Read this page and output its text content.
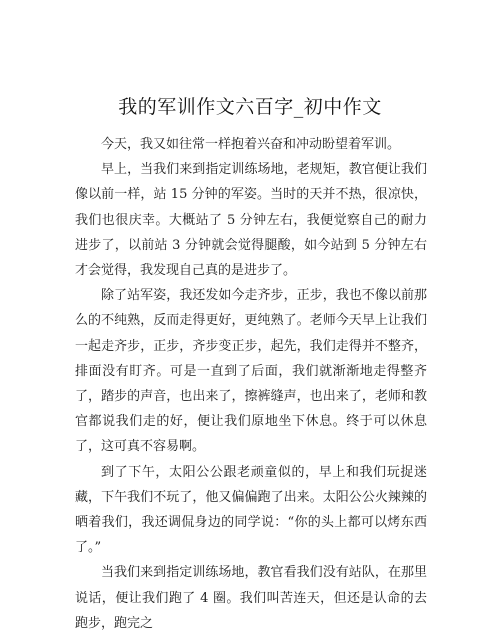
我的军训作文六百字_初中作文

今天，我又如往常一样抱着兴奋和冲动盼望着军训。

早上，当我们来到指定训练场地，老规矩，教官便让我们像以前一样，站 15 分钟的军姿。当时的天并不热，很凉快，我们也很庆幸。大概站了 5 分钟左右，我便觉察自己的耐力进步了，以前站 3 分钟就会觉得腿酸，如今站到 5 分钟左右才会觉得，我发现自己真的是进步了。

除了站军姿，我还发如今走齐步，正步，我也不像以前那么的不纯熟，反而走得更好，更纯熟了。老师今天早上让我们一起走齐步，正步，齐步变正步，起先，我们走得并不整齐，排面没有盯齐。可是一直到了后面，我们就渐渐地走得整齐了，踏步的声音，也出来了，擦裤缝声，也出来了，老师和教官都说我们走的好，便让我们原地坐下休息。终于可以休息了，这可真不容易啊。

到了下午，太阳公公跟老顽童似的，早上和我们玩捉迷藏，下午我们不玩了，他又偏偏跑了出来。太阳公公火辣辣的晒着我们，我还调侃身边的同学说：“你的头上都可以烤东西了。”

当我们来到指定训练场地，教官看我们没有站队，在那里说话，便让我们跑了 4 圈。我们叫苦连天，但还是认命的去跑步，跑完之
